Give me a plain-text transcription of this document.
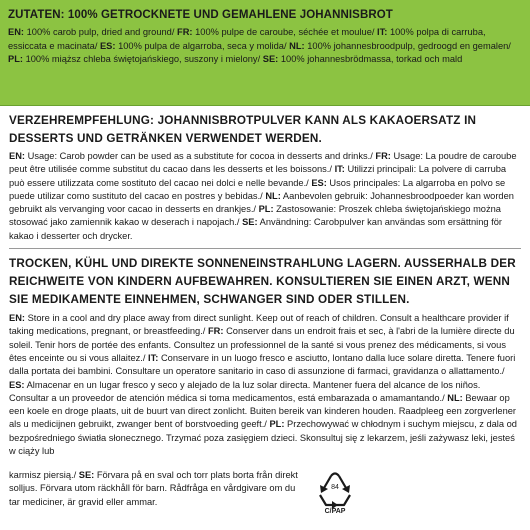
ZUTATEN: 100% GETROCKNETE UND GEMAHLENE JOHANNISBROT
EN: 100% carob pulp, dried and ground/ FR: 100% pulpe de caroube, séchée et moulue/ IT: 100% polpa di carruba, essiccata e macinata/ ES: 100% pulpa de algarroba, seca y molida/ NL: 100% johannesbroodpulp, gedroogd en gemalen/ PL: 100% miąższ chleba świętojańskiego, suszony i mielony/ SE: 100% johannesbrödmassa, torkad och mald
VERZEHREMPFEHLUNG: JOHANNISBROTPULVER KANN ALS KAKAOERSATZ IN DESSERTS UND GETRÄNKEN VERWENDET WERDEN.
EN: Usage: Carob powder can be used as a substitute for cocoa in desserts and drinks./ FR: Usage: La poudre de caroube peut être utilisée comme substitut du cacao dans les desserts et les boissons./ IT: Utilizzi principali: La polvere di carruba può essere utilizzata come sostituto del cacao nei dolci e nelle bevande./ ES: Usos principales: La algarroba en polvo se puede utilizar como sustituto del cacao en postres y bebidas./ NL: Aanbevolen gebruik: Johannesbroodpoeder kan worden gebruikt als vervanging voor cacao in desserts en drankjes./ PL: Zastosowanie: Proszek chleba świętojańskiego można stosować jako zamiennik kakao w deserach i napojach./ SE: Användning: Carobpulver kan användas som ersättning för kakao i desserter och drycker.
TROCKEN, KÜHL UND DIREKTE SONNENEINSTRAHLUNG LAGERN. AUSSERHALB DER REICHWEITE VON KINDERN AUFBEWAHREN. KONSULTIEREN SIE EINEN ARZT, WENN SIE MEDIKAMENTE EINNEHMEN, SCHWANGER SIND ODER STILLEN.
EN: Store in a cool and dry place away from direct sunlight. Keep out of reach of children. Consult a healthcare provider if taking medications, pregnant, or breastfeeding./ FR: Conserver dans un endroit frais et sec, à l'abri de la lumière directe du soleil. Tenir hors de portée des enfants. Consultez un professionnel de la santé si vous prenez des médicaments, si vous êtes enceinte ou si vous allaitez./ IT: Conservare in un luogo fresco e asciutto, lontano dalla luce solare diretta. Tenere fuori dalla portata dei bambini. Consultare un operatore sanitario in caso di assunzione di farmaci, gravidanza o allattamento./ ES: Almacenar en un lugar fresco y seco y alejado de la luz solar directa. Mantener fuera del alcance de los niños. Consultar a un proveedor de atención médica si toma medicamentos, está embarazada o amamantando./ NL: Bewaar op een koele en droge plaats, uit de buurt van direct zonlicht. Buiten bereik van kinderen houden. Raadpleeg een zorgverlener als u medicijnen gebruikt, zwanger bent of borstvoeding geeft./ PL: Przechowywać w chłodnym i suchym miejscu, z dala od bezpośredniego światła słonecznego. Trzymać poza zasięgiem dzieci. Skonsultuj się z lekarzem, jeśli zażywasz leki, jesteś w ciąży lub
karmisz piersią./ SE: Förvara på en sval och torr plats borta från direkt solljus. Förvara utom räckhåll för barn. Rådfråga en vårdgivare om du tar mediciner, är gravid eller ammar.
84
C/PAP
